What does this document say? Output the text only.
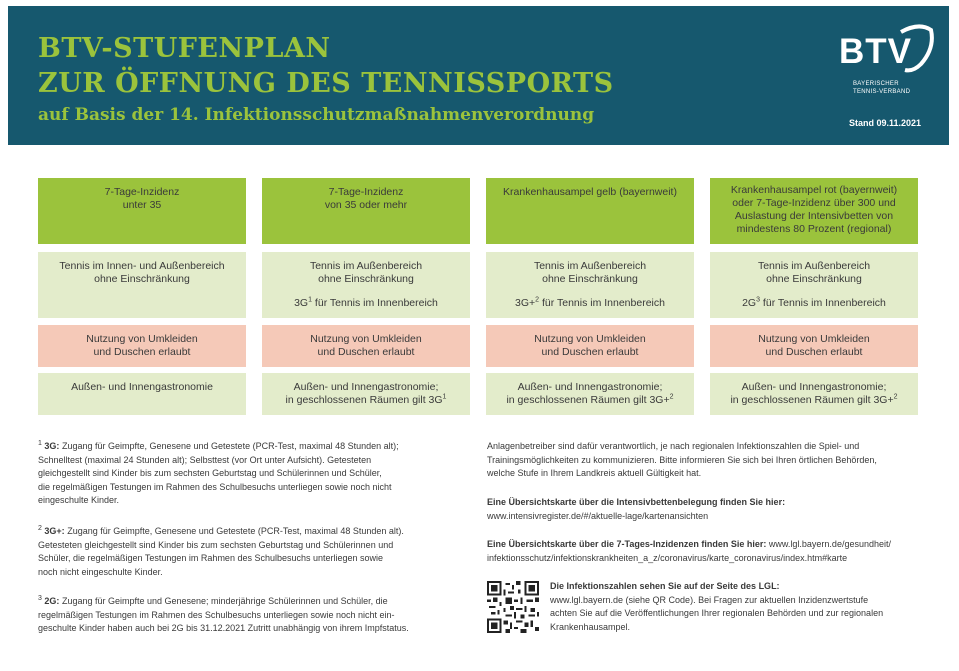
BTV-STUFENPLAN
ZUR ÖFFNUNG DES TENNISSPORTS
auf Basis der 14. Infektionsschutzmaßnahmenverordnung
BTV
BAYERISCHER
TENNIS-VERBAND
Stand 09.11.2021
7-Tage-Inzidenz
unter 35
Tennis im Innen- und Außenbereich
ohne Einschränkung
Nutzung von Umkleiden
und Duschen erlaubt
Außen- und Innengastronomie
7-Tage-Inzidenz
von 35 oder mehr
Tennis im Außenbereich
ohne Einschränkung
$3G^1$ für Tennis im Innenbereich
Nutzung von Umkleiden
und Duschen erlaubt
Außen- und Innengastronomie;
in geschlossenen Räumen gilt $3G^1$
Krankenhausampel gelb (bayernweit)
Tennis im Außenbereich
ohne Einschränkung
3G+$^2$ für Tennis im Innenbereich
Nutzung von Umkleiden
und Duschen erlaubt
Außen- und Innengastronomie;
in geschlossenen Räumen gilt 3G+$^2$
Krankenhausampel rot (bayernweit)
oder 7-Tage-Inzidenz über 300 und
Auslastung der Intensivbetten von
mindestens 80 Prozent (regional)
Tennis im Außenbereich
ohne Einschränkung
$2G^3$ für Tennis im Innenbereich
Nutzung von Umkleiden
und Duschen erlaubt
Außen- und Innengastronomie;
in geschlossenen Räumen gilt 3G+$^2$
$^1$ 3G: Zugang für Geimpfte, Genesene und Getestete (PCR-Test, maximal 48 Stunden alt);
Schnelltest (maximal 24 Stunden alt); Selbsttest (vor Ort unter Aufsicht). Getesteten
gleichgestellt sind Kinder bis zum sechsten Geburtstag und Schülerinnen und Schüler,
die regelmäßigen Testungen im Rahmen des Schulbesuchs unterliegen sowie noch nicht
eingeschulte Kinder.
$^2$ 3G+: Zugang für Geimpfte, Genesene und Getestete (PCR-Test, maximal 48 Stunden alt).
Getesteten gleichgestellt sind Kinder bis zum sechsten Geburtstag und Schülerinnen und
Schüler, die regelmäßigen Testungen im Rahmen des Schulbesuchs unterliegen sowie
noch nicht eingeschulte Kinder.
$^3$ 2G: Zugang für Geimpfte und Genesene; minderjährige Schülerinnen und Schüler, die
regelmäßigen Testungen im Rahmen des Schulbesuchs unterliegen sowie noch nicht ein-
geschulte Kinder haben auch bei 2G bis 31.12.2021 Zutritt unabhängig von ihrem Impfstatus.
Anlagenbetreiber sind dafür verantwortlich, je nach regionalen Infektionszahlen die Spiel- und
Trainingsmöglichkeiten zu kommunizieren. Bitte informieren Sie sich bei Ihren örtlichen Behörden,
welche Stufe in Ihrem Landkreis aktuell Gültigkeit hat.
Eine Übersichtskarte über die Intensivbettenbelegung finden Sie hier:
www.intensivregister.de/#/aktuelle-lage/kartenansichten
Eine Übersichtskarte über die 7-Tages-Inzidenzen finden Sie hier: www.lgl.bayern.de/gesundheit/
infektionsschutz/infektionskrankheiten_a_z/coronavirus/karte_coronavirus/index.htm#karte
Die Infektionszahlen sehen Sie auf der Seite des LGL:
www.lgl.bayern.de (siehe QR Code). Bei Fragen zur aktuellen Inzidenzwertstufe
achten Sie auf die Veröffentlichungen Ihrer regionalen Behörden und zur regionalen
Krankenhausampel.
